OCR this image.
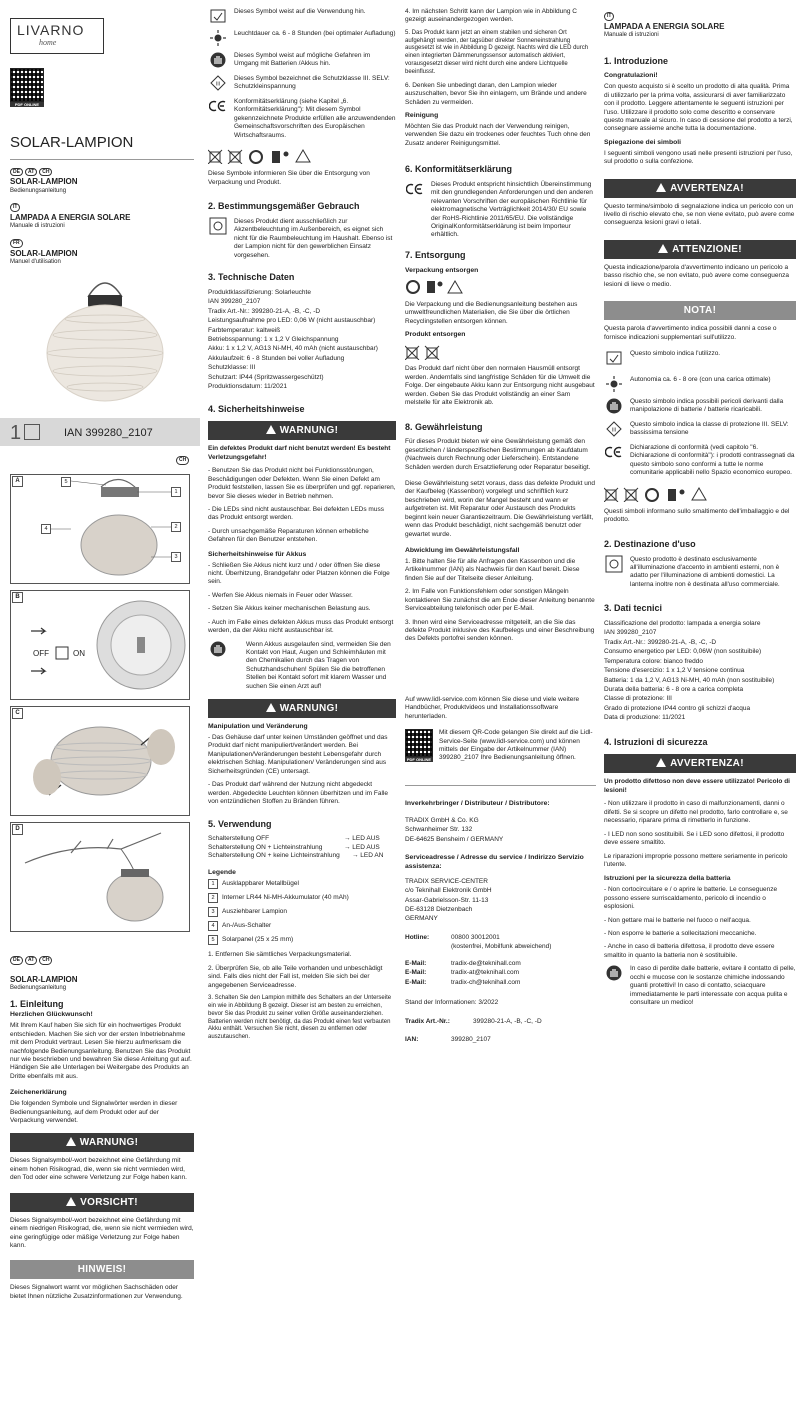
LIVARNO
home
PDF ONLINE
SOLAR-LAMPION
DE	AT	CH
SOLAR-LAMPION
Bedienungsanleitung
IT
LAMPADA A ENERGIA SOLARE
Manuale di istruzioni
FR
SOLAR-LAMPION
Manuel d'utilisation
1	IAN 399280_2107
CH
A
1
2
3
4
5
B
OFF	ON
C
D
DE	AT	CH
SOLAR-LAMPION
Bedienungsanleitung
1. Einleitung
Herzlichen Glückwunsch!

Mit Ihrem Kauf haben Sie sich für ein hochwertiges Produkt entschieden. Machen Sie sich vor der ersten Inbetriebnahme mit dem Produkt vertraut. Lesen Sie hierzu aufmerksam die nachfolgende Bedienungsanleitung. Benutzen Sie das Produkt nur wie beschrieben und bewahren Sie diese Anleitung gut auf. Händigen Sie alle Unterlagen bei Weitergabe des Produkts an Dritte ebenfalls mit aus.

Zeichenerklärung

Die folgenden Symbole und Signalwörter werden in dieser Bedienungsanleitung, auf dem Produkt oder auf der Verpackung verwendet.

WARNUNG!

Dieses Signalsymbol/-wort bezeichnet eine Gefährdung mit einem hohen Risikograd, die, wenn sie nicht vermieden wird, den Tod oder eine schwere Verletzung zur Folge haben kann.

VORSICHT!

Dieses Signalsymbol/-wort bezeichnet eine Gefährdung mit einem niedrigen Risikograd, die, wenn sie nicht vermieden wird, eine geringfügige oder mäßige Verletzung zur Folge haben kann.

HINWEIS!

Dieses Signalwort warnt vor möglichen Sachschäden oder bietet Ihnen nützliche Zusatzinformationen zur Verwendung.

Dieses Symbol weist auf die Verwendung hin.
Leuchtdauer ca. 6 - 8 Stunden (bei optimaler Aufladung)
Dieses Symbol weist auf mögliche Gefahren im Umgang mit Batterien /Akkus hin.
III
Dieses Symbol bezeichnet die Schutzklasse III. SELV: Schutzkleinspannung
Konformitätserklärung (siehe Kapitel „6. Konformitätserklärung"): Mit diesem Symbol gekennzeichnete Produkte erfüllen alle anzuwendenden Gemeinschaftsvorschriften des Europäischen Wirtschaftsraums.

Diese Symbole informieren Sie über die Entsorgung von Verpackung und Produkt.

2. Bestimmungsgemäßer Gebrauch
Dieses Produkt dient ausschließlich zur Akzentbeleuchtung im Außenbereich, es eignet sich nicht für die Raumbeleuchtung im Haushalt. Ebenso ist der Lampion nicht für den gewerblichen Einsatz vorgesehen.
3. Technische Daten
Produktklassifizierung: Solarleuchte
IAN 399280_2107
Tradix Art.-Nr.: 399280-21-A, -B, -C, -D
Leistungsaufnahme pro LED: 0,06 W (nicht austauschbar)
Farbtemperatur: kaltweiß
Betriebsspannung: 1 x 1,2 V Gleichspannung
Akku: 1 x 1,2 V, AG13 Ni-MH, 40 mAh (nicht austauschbar)
Akkulaufzeit: 6 - 8 Stunden bei voller Aufladung
Schutzklasse: III
Schutzart: IP44 (Spritzwassergeschützt)
Produktionsdatum: 11/2021
4. Sicherheitshinweise
WARNUNG!

Ein defektes Produkt darf nicht benutzt werden! Es besteht Verletzungsgefahr!

- Benutzen Sie das Produkt nicht bei Funktionsstörungen, Beschädigungen oder Defekten. Wenn Sie einen Defekt am Produkt feststellen, lassen Sie es überprüfen und ggf. reparieren, bevor Sie dieses wieder in Betrieb nehmen.

- Die LEDs sind nicht austauschbar. Bei defekten LEDs muss das Produkt entsorgt werden.

- Durch unsachgemäße Reparaturen können erhebliche Gefahren für den Benutzer entstehen.

Sicherheitshinweise für Akkus

- Schließen Sie Akkus nicht kurz und / oder öffnen Sie diese nicht. Überhitzung, Brandgefahr oder Platzen können die Folge sein.

- Werfen Sie Akkus niemals in Feuer oder Wasser.

- Setzen Sie Akkus keiner mechanischen Belastung aus.

- Auch im Falle eines defekten Akkus muss das Produkt entsorgt werden, da der Akku nicht austauschbar ist.

Wenn Akkus ausgelaufen sind, vermeiden Sie den Kontakt von Haut, Augen und Schleimhäuten mit den Chemikalien durch das Tragen von Schutzhandschuhen! Spülen Sie die betroffenen Stellen bei Kontakt sofort mit klarem Wasser und suchen Sie einen Arzt auf!
WARNUNG!
Manipulation und Veränderung

- Das Gehäuse darf unter keinen Umständen geöffnet und das Produkt darf nicht manipuliert/verändert werden. Bei Manipulationen/Veränderungen besteht Lebensgefahr durch elektrischen Schlag. Manipulationen/ Veränderungen sind aus Sicherheitsgründen (CE) untersagt.

- Das Produkt darf während der Nutzung nicht abgedeckt werden. Abgedeckte Leuchten können überhitzen und im Falle von entzündlichen Stoffen zu Bränden führen.

5. Verwendung
Schalterstellung OFF	→ LED AUS
Schalterstellung ON + Lichteinstrahlung	→ LED AUS
Schalterstellung ON + keine Lichteinstrahlung → LED AN
Legende
1	Ausklappbarer Metallbügel
2	Interner LR44 Ni-MH-Akkumulator (40 mAh)
3	Ausziehbarer Lampion
4	An-/Aus-Schalter
5	Solarpanel (25 x 25 mm)

1. Entfernen Sie sämtliches Verpackungsmaterial.

2. Überprüfen Sie, ob alle Teile vorhanden und unbeschädigt sind. Falls dies nicht der Fall ist, melden Sie sich bei der angegebenen Serviceadresse.

3. Schalten Sie den Lampion mithilfe des Schalters an der Unterseite ein wie in Abbildung B gezeigt. Dieser ist am besten zu erreichen, bevor Sie das Produkt zu seiner vollen Größe auseinanderziehen. Batterien werden nicht benötigt, da das Produkt einen fest verbauten Akku enthält. Versuchen Sie nicht, diesen zu entfernen oder auszutauschen.

4. Im nächsten Schritt kann der Lampion wie in Abbildung C gezeigt auseinandergezogen werden.

5. Das Produkt kann jetzt an einem stabilen und sicheren Ort aufgehängt werden, der tagsüber direkter Sonneneinstrahlung ausgesetzt ist wie in Abbildung D gezeigt. Nachts wird die LED durch einen integrierten Dämmerungssensor automatisch aktiviert, vorausgesetzt dieser wird nicht durch eine andere Lichtquelle beeinflusst.

6. Denken Sie unbedingt daran, den Lampion wieder auszuschalten, bevor Sie ihn einlagern, um Brände und andere Schäden zu vermeiden.

Reinigung

Möchten Sie das Produkt nach der Verwendung reinigen, verwenden Sie dazu ein trockenes oder feuchtes Tuch ohne den Zusatz anderer Reinigungsmittel.

6. Konformitätserklärung
Dieses Produkt entspricht hinsichtlich Übereinstimmung mit den grundlegenden Anforderungen und den anderen relevanten Vorschriften der europäischen Richtlinie für elektromagnetische Verträglichkeit 2014/30/ EU sowie der RoHS-Richtlinie 2011/65/EU. Die vollständige OriginalKonformitätserklärung ist beim Importeur erhältlich.
7. Entsorgung
Verpackung entsorgen

Die Verpackung und die Bedienungsanleitung bestehen aus umweltfreundlichen Materialien, die Sie über die örtlichen Recyclingstellen entsorgen können.

Produkt entsorgen

Das Produkt darf nicht über den normalen Hausmüll entsorgt werden. Andernfalls sind langfristige Schäden für die Umwelt die Folge. Der eingebaute Akku kann zur Entsorgung nicht ausgebaut werden. Geben Sie das Produkt vollständig an einer Sam melstelle für alte Elektronik ab.

8. Gewährleistung

Für dieses Produkt bieten wir eine Gewährleistung gemäß den gesetzlichen / länderspezifischen Bestimmungen ab Kaufdatum (Nachweis durch Rechnung oder Lieferschein). Entstandene Schäden werden durch Ersatzlieferung oder Reparatur beseitigt.

Diese Gewährleistung setzt voraus, dass das defekte Produkt und der Kaufbeleg (Kassenbon) vorgelegt und schriftlich kurz beschrieben wird, worin der Mangel besteht und wann er aufgetreten ist. Mit Reparatur oder Austausch des Produkts beginnt kein neuer Garantiezeitraum. Die Gewährleistung verfällt, wenn das Produkt beschädigt, nicht sachgemäß benutzt oder gewartet wurde.

Abwicklung im Gewährleistungsfall

1. Bitte halten Sie für alle Anfragen den Kassenbon und die Artikelnummer (IAN) als Nachweis für den Kauf bereit. Diese finden Sie auf der Titelseite dieser Anleitung.

2. Im Falle von Funktionsfehlern oder sonstigen Mängeln kontaktieren Sie zunächst die am Ende dieser Anleitung benannte Serviceabteilung telefonisch oder per E-Mail.

3. Ihnen wird eine Serviceadresse mitgeteilt, an die Sie das defekte Produkt inklusive des Kaufbelegs und einer Beschreibung des Defekts portofrei senden können.

Auf www.lidl-service.com können Sie diese und viele weitere Handbücher, Produktvideos und Installationssoftware herunterladen.

PDF ONLINE
Mit diesem QR-Code gelangen Sie direkt auf die Lidl-Service-Seite (www.lidl-service.com) und können mittels der Eingabe der Artikelnummer (IAN) 399280_2107 Ihre Bedienungsanleitung öffnen.
Inverkehrbringer / Distributeur / Distributore:
TRADIX GmbH & Co. KG
Schwanheimer Str. 132
DE-64625 Bensheim / GERMANY
Serviceadresse / Adresse du service / Indirizzo Servizio assistenza:
TRADIX SERVICE-CENTER
c/o Teknihall Elektronik GmbH
Assar-Gabrielsson-Str. 11-13
DE-63128 Dietzenbach
GERMANY
Hotline:	00800 30012001
(kostenfrei, Mobilfunk abweichend)
E-Mail:	tradix-de@teknihall.com
E-Mail:	tradix-at@teknihall.com
E-Mail:	tradix-ch@teknihall.com

Stand der Informationen: 3/2022

Tradix Art.-Nr.:	399280-21-A, -B, -C, -D
IAN:	399280_2107
IT
LAMPADA A ENERGIA SOLARE
Manuale di istruzioni
1. Introduzione
Congratulazioni!

Con questo acquisto si è scelto un prodotto di alta qualità. Prima di utilizzarlo per la prima volta, assicurarsi di aver familiarizzato con il prodotto. Leggere attentamente le seguenti istruzioni per l'uso. Utilizzare il prodotto solo come descritto e conservare questo manuale al sicuro. In caso di cessione del prodotto a terzi, consegnare assieme anche tutta la documentazione.

Spiegazione dei simboli

I seguenti simboli vengono usati nelle presenti istruzioni per l'uso, sul prodotto o sulla confezione.

AVVERTENZA!

Questo termine/simbolo di segnalazione indica un pericolo con un livello di rischio elevato che, se non viene evitato, può avere come conseguenza lesioni gravi o letali.

ATTENZIONE!

Questa indicazione/parola d'avvertimento indicano un pericolo a basso rischio che, se non evitato, può avere come conseguenza lesioni di lieve o medio.

NOTA!

Questa parola d'avvertimento indica possibili danni a cose o fornisce indicazioni supplementari sull'utilizzo.

Questo simbolo indica l'utilizzo.
Autonomia ca. 6 - 8 ore (con una carica ottimale)
Questo simbolo indica possibili pericoli derivanti dalla manipolazione di batterie / batterie ricaricabili.
III
Questo simbolo indica la classe di protezione III. SELV: bassissima tensione
Dichiarazione di conformità (vedi capitolo "6. Dichiarazione di conformità"): i prodotti contrassegnati da questo simbolo sono conformi a tutte le norme comunitarie applicabili nello Spazio economico europeo.

Questi simboli informano sullo smaltimento dell'imballaggio e del prodotto.

2. Destinazione d'uso
Questo prodotto è destinato esclusivamente all'illuminazione d'accento in ambienti esterni, non è adatto per l'illuminazione di ambienti domestici. La lanterna inoltre non è destinata all'uso commerciale.
3. Dati tecnici
Classificazione del prodotto: lampada a energia solare
IAN 399280_2107
Tradix Art.-Nr.: 399280-21-A, -B, -C, -D
Consumo energetico per LED: 0,06W (non sostituibile)
Temperatura colore: bianco freddo
Tensione d'esercizio: 1 x 1,2 V tensione continua
Batteria: 1 da 1,2 V, AG13 Ni-MH, 40 mAh (non sostituibile)
Durata della batteria: 6 - 8 ore a carica completa
Classe di protezione: III
Grado di protezione IP44 contro gli schizzi d'acqua
Data di produzione: 11/2021
4. Istruzioni di sicurezza
AVVERTENZA!

Un prodotto difettoso non deve essere utilizzato! Pericolo di lesioni!

- Non utilizzare il prodotto in caso di malfunzionamenti, danni o difetti. Se si scopre un difetto nel prodotto, farlo controllare e, se necessario, riparare prima di rimetterlo in funzione.

- I LED non sono sostituibili. Se i LED sono difettosi, il prodotto deve essere smaltito.

Le riparazioni improprie possono mettere seriamente in pericolo l'utente.

Istruzioni per la sicurezza della batteria

- Non cortocircuitare e / o aprire le batterie. Le conseguenze possono essere surriscaldamento, pericolo di incendio o esplosioni.

- Non gettare mai le batterie nel fuoco o nell'acqua.

- Non esporre le batterie a sollecitazioni meccaniche.

- Anche in caso di batteria difettosa, il prodotto deve essere smaltito in quanto la batteria non è sostituibile.

In caso di perdite dalle batterie, evitare il contatto di pelle, occhi e mucose con le sostanze chimiche indossando guanti protettivi! In caso di contatto, sciacquare immediatamente le parti interessate con acqua pulita e consultare un medico!
